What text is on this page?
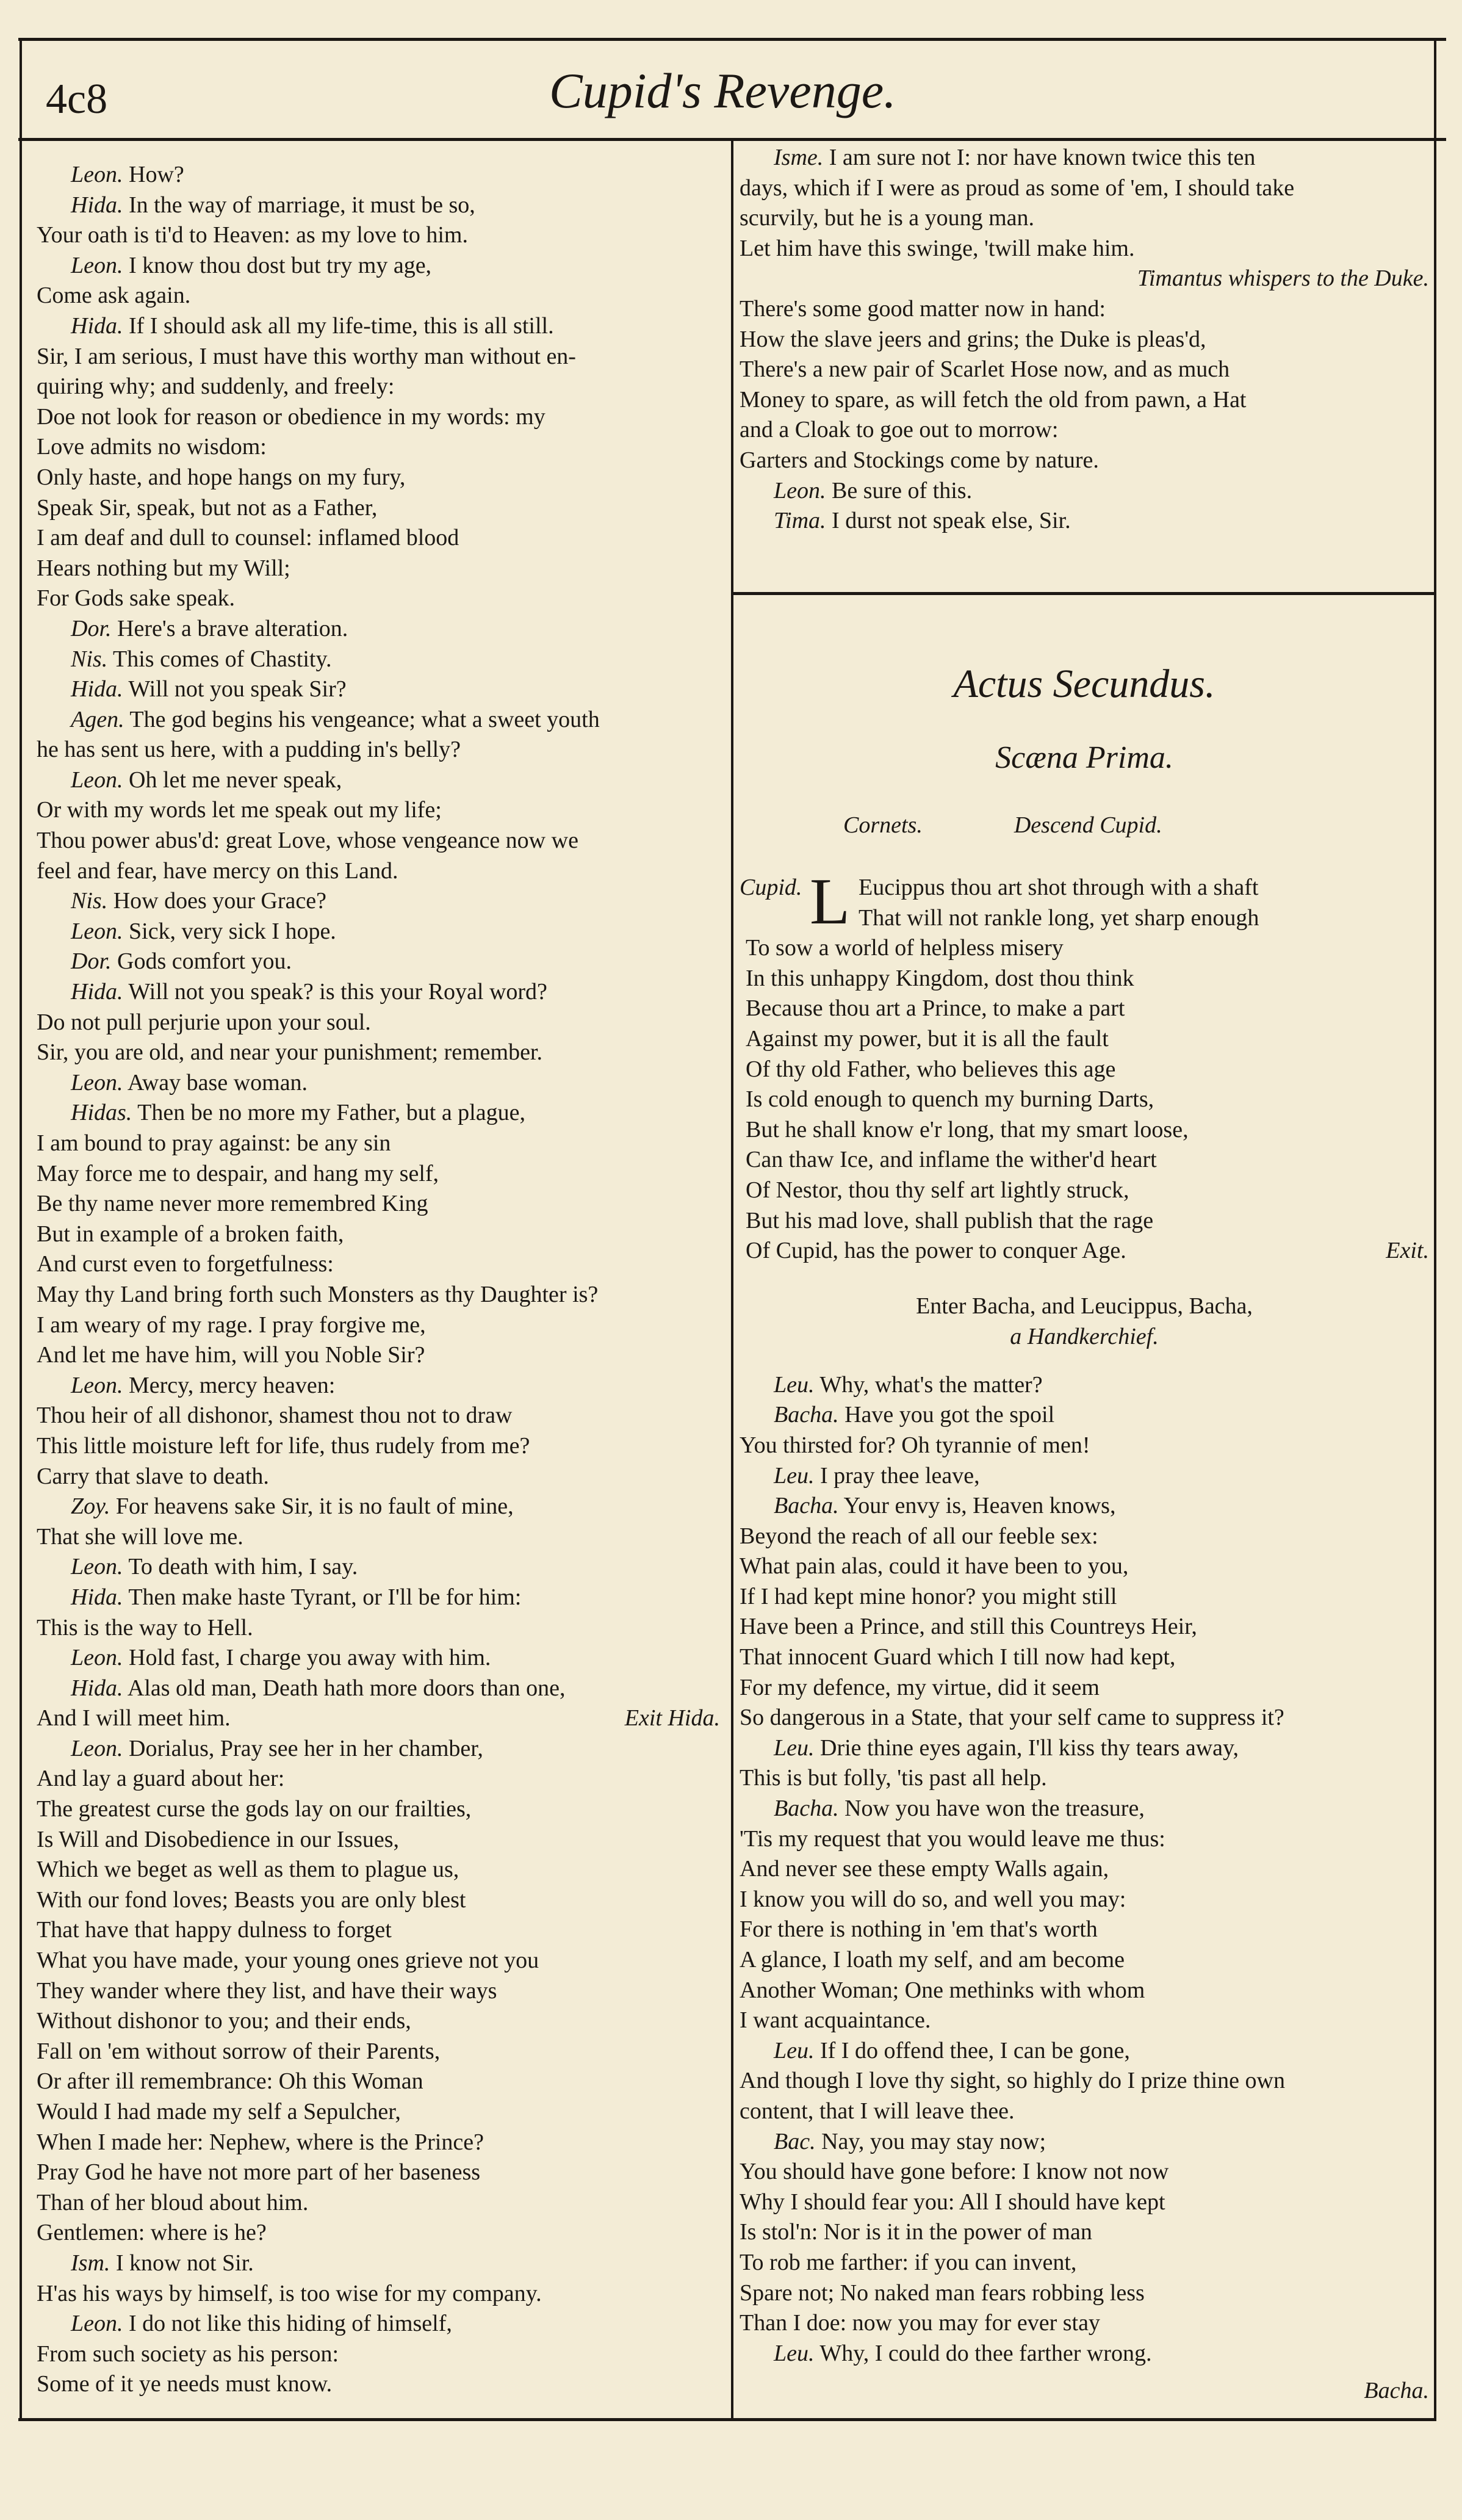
4c8	Cupid's Revenge.
Leon. How?
Hida. In the way of marriage, it must be so,
Your oath is ti'd to Heaven: as my love to him.
Leon. I know thou dost but try my age,
Come ask again.
Hida. If I should ask all my life-time, this is all still.
Sir, I am serious, I must have this worthy man without en-
quiring why; and suddenly, and freely:
Doe not look for reason or obedience in my words: my
Love admits no wisdom:
Only haste, and hope hangs on my fury,
Speak Sir, speak, but not as a Father,
I am deaf and dull to counsel: inflamed blood
Hears nothing but my Will;
For Gods sake speak.
Dor. Here's a brave alteration.
Nis. This comes of Chastity.
Hida. Will not you speak Sir?
Agen. The god begins his vengeance; what a sweet youth
he has sent us here, with a pudding in's belly?
Leon. Oh let me never speak,
Or with my words let me speak out my life;
Thou power abus'd: great Love, whose vengeance now we
feel and fear, have mercy on this Land.
Nis. How does your Grace?
Leon. Sick, very sick I hope.
Dor. Gods comfort you.
Hida. Will not you speak? is this your Royal word?
Do not pull perjurie upon your soul.
Sir, you are old, and near your punishment; remember.
Leon. Away base woman.
Hidas. Then be no more my Father, but a plague,
I am bound to pray against: be any sin
May force me to despair, and hang my self,
Be thy name never more remembred King
But in example of a broken faith,
And curst even to forgetfulness:
May thy Land bring forth such Monsters as thy Daughter is?
I am weary of my rage. I pray forgive me,
And let me have him, will you Noble Sir?
Leon. Mercy, mercy heaven:
Thou heir of all dishonor, shamest thou not to draw
This little moisture left for life, thus rudely from me?
Carry that slave to death.
Zoy. For heavens sake Sir, it is no fault of mine,
That she will love me.
Leon. To death with him, I say.
Hida. Then make haste Tyrant, or I'll be for him:
This is the way to Hell.
Leon. Hold fast, I charge you away with him.
Hida. Alas old man, Death hath more doors than one,
And I will meet him.	Exit Hida.
Leon. Dorialus, Pray see her in her chamber,
And lay a guard about her:
The greatest curse the gods lay on our frailties,
Is Will and Disobedience in our Issues,
Which we beget as well as them to plague us,
With our fond loves; Beasts you are only blest
That have that happy dulness to forget
What you have made, your young ones grieve not you
They wander where they list, and have their ways
Without dishonor to you; and their ends,
Fall on 'em without sorrow of their Parents,
Or after ill remembrance: Oh this Woman
Would I had made my self a Sepulcher,
When I made her: Nephew, where is the Prince?
Pray God he have not more part of her baseness
Than of her bloud about him.
Gentlemen: where is he?
Ism. I know not Sir.
H'as his ways by himself, is too wise for my company.
Leon. I do not like this hiding of himself,
From such society as his person:
Some of it ye needs must know.
Isme. I am sure not I: nor have known twice this ten
days, which if I were as proud as some of 'em, I should take
scurvily, but he is a young man.
Let him have this swinge, 'twill make him.
Timantus whispers to the Duke.
There's some good matter now in hand:
How the slave jeers and grins; the Duke is pleas'd,
There's a new pair of Scarlet Hose now, and as much
Money to spare, as will fetch the old from pawn, a Hat
and a Cloak to goe out to morrow:
Garters and Stockings come by nature.
Leon. Be sure of this.
Tima. I durst not speak else, Sir.
Actus Secundus.
Scæna Prima.
Cornets.	Descend Cupid.
Cupid. Eucippus thou art shot through with a shaft
L That will not rankle long, yet sharp enough
To sow a world of helpless misery
In this unhappy Kingdom, dost thou think
Because thou art a Prince, to make a part
Against my power, but it is all the fault
Of thy old Father, who believes this age
Is cold enough to quench my burning Darts,
But he shall know e'r long, that my smart loose,
Can thaw Ice, and inflame the wither'd heart
Of Nestor, thou thy self art lightly struck,
But his mad love, shall publish that the rage
Of Cupid, has the power to conquer Age.	Exit.
Enter Bacha, and Leucippus, Bacha,
a Handkerchief.
Leu. Why, what's the matter?
Bacha. Have you got the spoil
You thirsted for? Oh tyrannie of men!
Leu. I pray thee leave,
Bacha. Your envy is, Heaven knows,
Beyond the reach of all our feeble sex:
What pain alas, could it have been to you,
If I had kept mine honor? you might still
Have been a Prince, and still this Countreys Heir,
That innocent Guard which I till now had kept,
For my defence, my virtue, did it seem
So dangerous in a State, that your self came to suppress it?
Leu. Drie thine eyes again, I'll kiss thy tears away,
This is but folly, 'tis past all help.
Bacha. Now you have won the treasure,
'Tis my request that you would leave me thus:
And never see these empty Walls again,
I know you will do so, and well you may:
For there is nothing in 'em that's worth
A glance, I loath my self, and am become
Another Woman; One methinks with whom
I want acquaintance.
Leu. If I do offend thee, I can be gone,
And though I love thy sight, so highly do I prize thine own
content, that I will leave thee.
Bac. Nay, you may stay now;
You should have gone before: I know not now
Why I should fear you: All I should have kept
Is stol'n: Nor is it in the power of man
To rob me farther: if you can invent,
Spare not; No naked man fears robbing less
Than I doe: now you may for ever stay
Leu. Why, I could do thee farther wrong.
Bacha.
